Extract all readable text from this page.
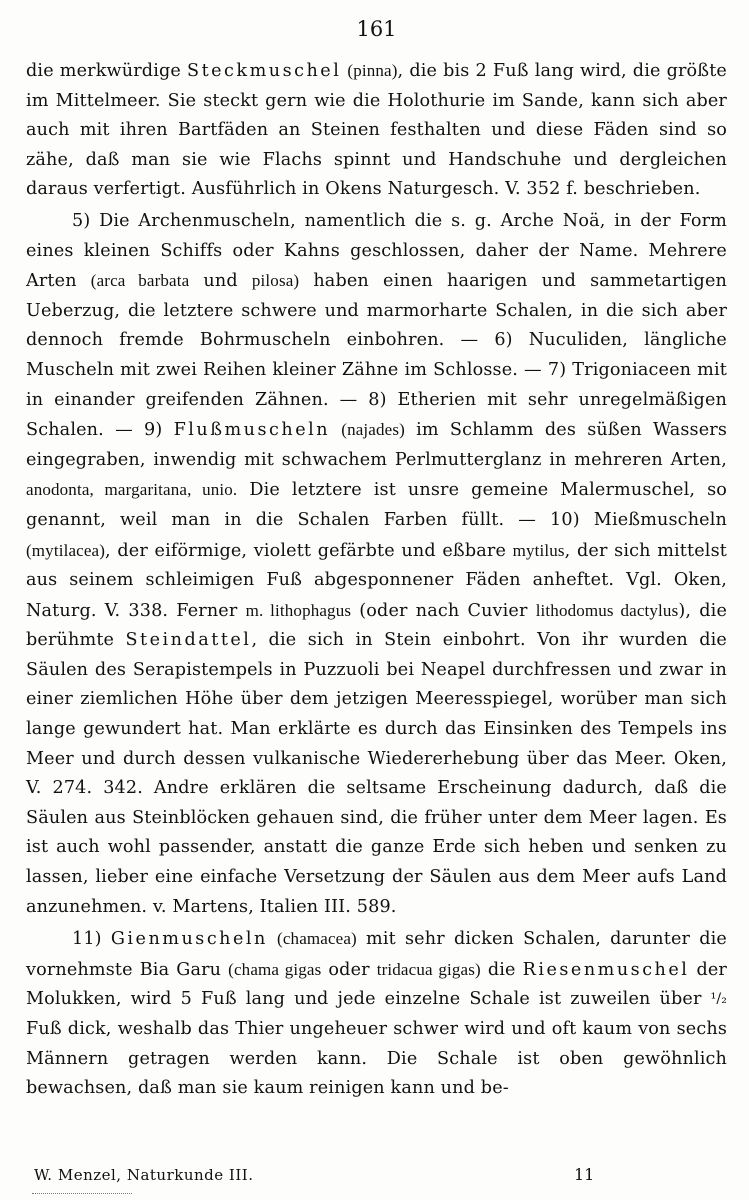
161

die merkwürdige Steckmuschel (pinna), die bis 2 Fuß lang wird, die größte im Mittelmeer. Sie steckt gern wie die Holothurie im Sande, kann sich aber auch mit ihren Bartfäden an Steinen festhalten und diese Fäden sind so zähe, daß man sie wie Flachs spinnt und Handschuhe und dergleichen daraus verfertigt. Ausführlich in Okens Naturgesch. V. 352 f. beschrieben.

5) Die Archenmuscheln, namentlich die s. g. Arche Noä, in der Form eines kleinen Schiffs oder Kahns geschlossen, daher der Name. Mehrere Arten (arca barbata und pilosa) haben einen haarigen und sammetartigen Ueberzug, die letztere schwere und marmorharte Schalen, in die sich aber dennoch fremde Bohrmuscheln einbohren. — 6) Nuculiden, längliche Muscheln mit zwei Reihen kleiner Zähne im Schlosse. — 7) Trigoniaceen mit in einander greifenden Zähnen. — 8) Etherien mit sehr unregelmäßigen Schalen. — 9) Flußmuscheln (najades) im Schlamm des süßen Wassers eingegraben, inwendig mit schwachem Perlmutterglanz in mehreren Arten, anodonta, margaritana, unio. Die letztere ist unsre gemeine Malermuschel, so genannt, weil man in die Schalen Farben füllt. — 10) Mießmuscheln (mytilacea), der eiförmige, violett gefärbte und eßbare mytilus, der sich mittelst aus seinem schleimigen Fuß abgesponnener Fäden anheftet. Vgl. Oken, Naturg. V. 338. Ferner m. lithophagus (oder nach Cuvier lithodomus dactylus), die berühmte Steindattel, die sich in Stein einbohrt. Von ihr wurden die Säulen des Serapistempels in Puzzuoli bei Neapel durchfressen und zwar in einer ziemlichen Höhe über dem jetzigen Meeresspiegel, worüber man sich lange gewundert hat. Man erklärte es durch das Einsinken des Tempels ins Meer und durch dessen vulkanische Wiedererhebung über das Meer. Oken, V. 274. 342. Andre erklären die seltsame Erscheinung dadurch, daß die Säulen aus Steinblöcken gehauen sind, die früher unter dem Meer lagen. Es ist auch wohl passender, anstatt die ganze Erde sich heben und senken zu lassen, lieber eine einfache Versetzung der Säulen aus dem Meer aufs Land anzunehmen. v. Martens, Italien III. 589.

11) Gienmuscheln (chamacea) mit sehr dicken Schalen, darunter die vornehmste Bia Garu (chama gigas oder tridacua gigas) die Riesenmuschel der Molukken, wird 5 Fuß lang und jede einzelne Schale ist zuweilen über ¹/₂ Fuß dick, weshalb das Thier ungeheuer schwer wird und oft kaum von sechs Männern getragen werden kann. Die Schale ist oben gewöhnlich bewachsen, daß man sie kaum reinigen kann und be-

W. Menzel, Naturkunde III.	11
